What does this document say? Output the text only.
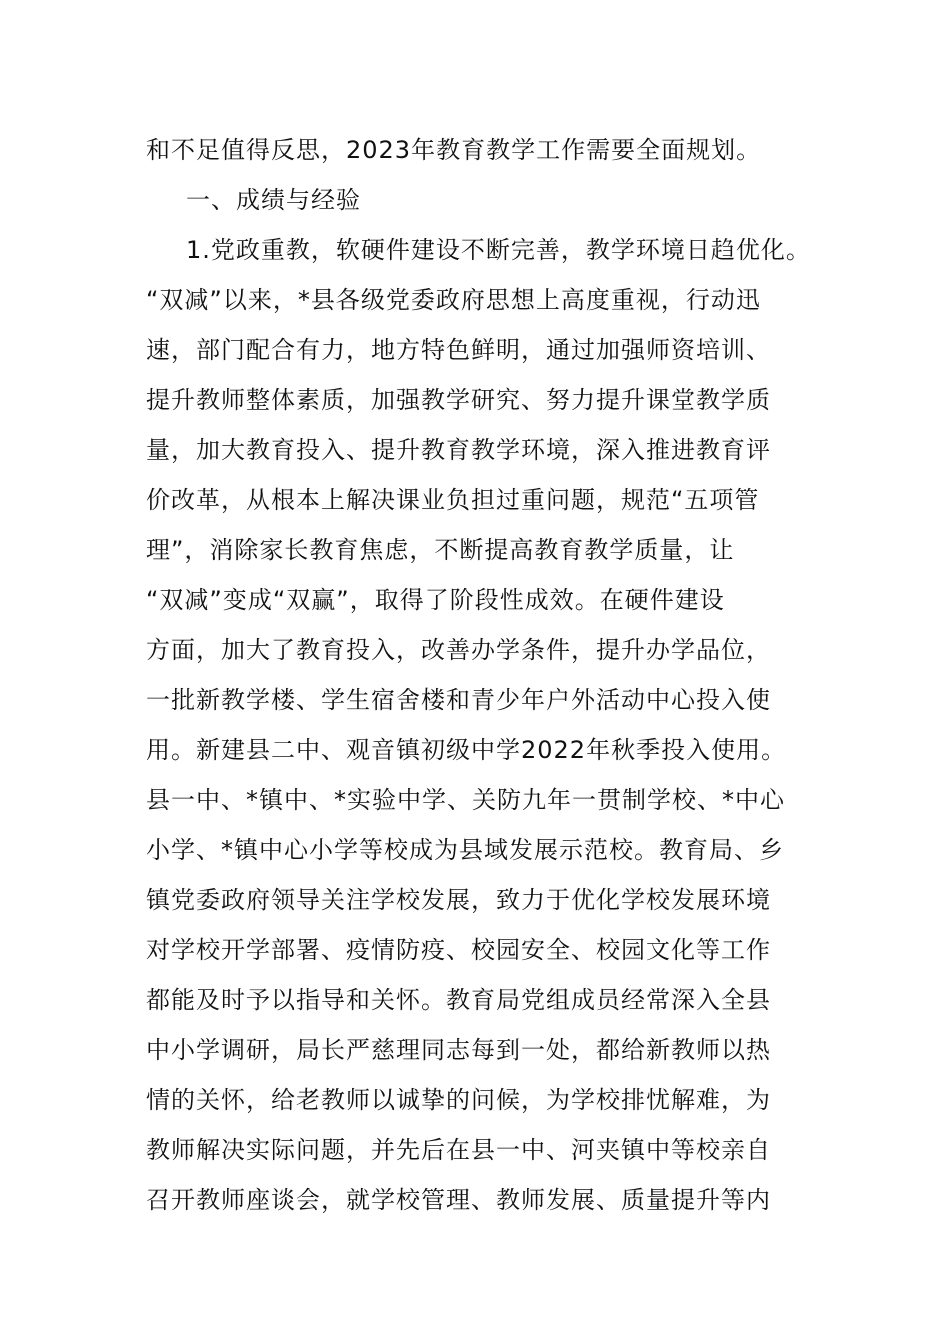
和不足值得反思，2023年教育教学工作需要全面规划。
一、成绩与经验
1.党政重教，软硬件建设不断完善，教学环境日趋优化。
“双减”以来，*县各级党委政府思想上高度重视，行动迅
速，部门配合有力，地方特色鲜明，通过加强师资培训、
提升教师整体素质，加强教学研究、努力提升课堂教学质
量，加大教育投入、提升教育教学环境，深入推进教育评
价改革，从根本上解决课业负担过重问题，规范“五项管
理”，消除家长教育焦虑，不断提高教育教学质量，让
“双减”变成“双赢”，取得了阶段性成效。在硬件建设
方面，加大了教育投入，改善办学条件，提升办学品位，
一批新教学楼、学生宿舍楼和青少年户外活动中心投入使
用。新建县二中、观音镇初级中学2022年秋季投入使用。
县一中、*镇中、*实验中学、关防九年一贯制学校、*中心
小学、*镇中心小学等校成为县域发展示范校。教育局、乡
镇党委政府领导关注学校发展，致力于优化学校发展环境
对学校开学部署、疫情防疫、校园安全、校园文化等工作
都能及时予以指导和关怀。教育局党组成员经常深入全县
中小学调研，局长严慈理同志每到一处，都给新教师以热
情的关怀，给老教师以诚挚的问候，为学校排忧解难，为
教师解决实际问题，并先后在县一中、河夹镇中等校亲自
召开教师座谈会，就学校管理、教师发展、质量提升等内
